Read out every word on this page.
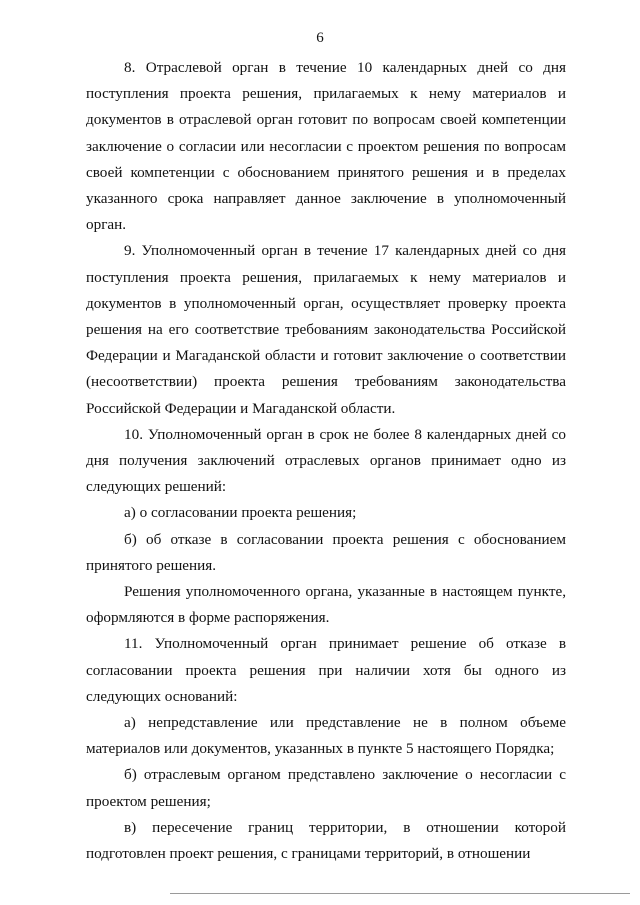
6

8. Отраслевой орган в течение 10 календарных дней со дня поступления проекта решения, прилагаемых к нему материалов и документов в отраслевой орган готовит по вопросам своей компетенции заключение о согласии или несогласии с проектом решения по вопросам своей компетенции с обоснованием принятого решения и в пределах указанного срока направляет данное заключение в уполномоченный орган.

9. Уполномоченный орган в течение 17 календарных дней со дня поступления проекта решения, прилагаемых к нему материалов и документов в уполномоченный орган, осуществляет проверку проекта решения на его соответствие требованиям законодательства Российской Федерации и Магаданской области и готовит заключение о соответствии (несоответствии) проекта решения требованиям законодательства Российской Федерации и Магаданской области.

10. Уполномоченный орган в срок не более 8 календарных дней со дня получения заключений отраслевых органов принимает одно из следующих решений:

а) о согласовании проекта решения;

б) об отказе в согласовании проекта решения с обоснованием принятого решения.

Решения уполномоченного органа, указанные в настоящем пункте, оформляются в форме распоряжения.

11. Уполномоченный орган принимает решение об отказе в согласовании проекта решения при наличии хотя бы одного из следующих оснований:

а) непредставление или представление не в полном объеме материалов или документов, указанных в пункте 5 настоящего Порядка;

б) отраслевым органом представлено заключение о несогласии с проектом решения;

в) пересечение границ территории, в отношении которой подготовлен проект решения, с границами территорий, в отношении
